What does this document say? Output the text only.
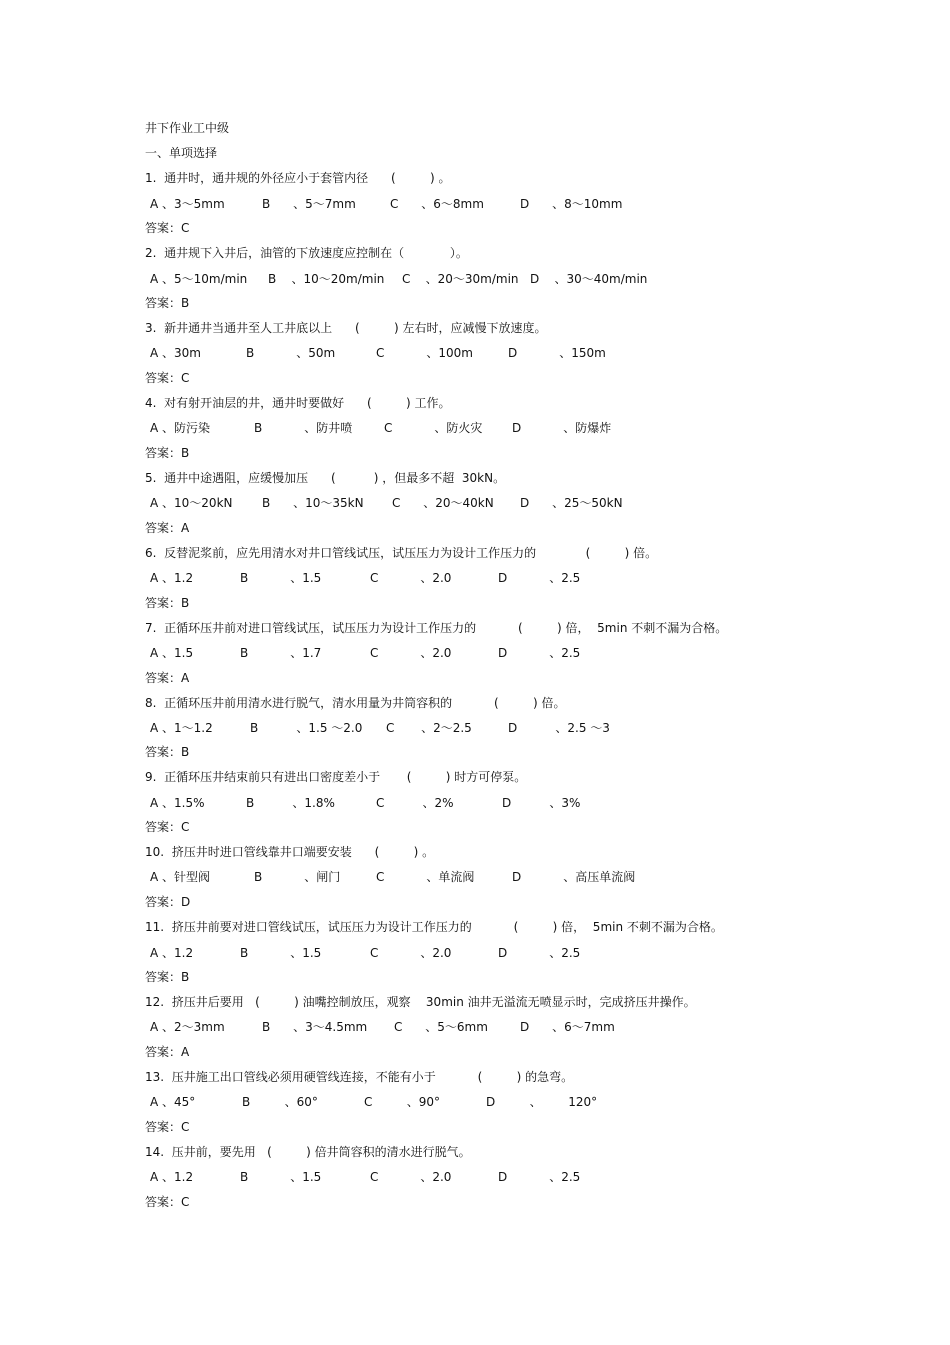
井下作业工中级
一、单项选择
1.  通井时，通井规的外径应小于套管内径      (         ) 。
A 、3～5mm	B      、5～7mm	C      、6～8mm	D      、8～10mm
答案：C
2.  通井规下入井后，油管的下放速度应控制在（            ）。
A 、5～10m/min B    、10～20m/min C    、20～30m/min D    、30～40m/min
答案：B
3.  新井通井当通井至人工井底以上      (         ) 左右时，应减慢下放速度。
A 、30m	B           、50m	C           、100m	D           、150m
答案：C
4.  对有射开油层的井，通井时要做好      (         ) 工作。
A 、防污染	B           、防井喷	C           、防火灾 D           、防爆炸
答案：B
5.  通井中途遇阻，应缓慢加压      (          ) ，但最多不超  30kN。
A 、10～20kN B      、10～35kN C      、20～40kN D      、25～50kN
答案：A
6.  反替泥浆前，应先用清水对井口管线试压，试压压力为设计工作压力的             (         ) 倍。
A 、1.2	B           、1.5	C           、2.0	D           、2.5
答案：B
7.  正循环压井前对进口管线试压，试压压力为设计工作压力的           (         ) 倍，  5min 不刺不漏为合格。
A 、1.5	B           、1.7	C           、2.0	D           、2.5
答案：A
8.  正循环压井前用清水进行脱气，清水用量为井筒容积的           (         ) 倍。
A 、1～1.2	B          、1.5 ～2.0 C       、2～2.5	D          、2.5 ～3
答案：B
9.  正循环压井结束前只有进出口密度差小于       (         ) 时方可停泵。
A 、1.5%	B          、1.8%	C          、2%	D          、3%
答案：C
10.  挤压井时进口管线靠井口端要安装      (         ) 。
A 、针型阀	B           、闸门	C           、单流阀	D           、高压单流阀
答案：D
11.  挤压井前要对进口管线试压，试压压力为设计工作压力的           (         ) 倍，  5min 不刺不漏为合格。
A 、1.2	B           、1.5	C           、2.0	D           、2.5
答案：B
12.  挤压井后要用   (         ) 油嘴控制放压，观察    30min 油井无溢流无喷显示时，完成挤压井操作。
A 、2～3mm	B      、3～4.5mm C      、5～6mm	D      、6～7mm
答案：A
13.  压井施工出口管线必须用硬管线连接，不能有小于           (         ) 的急弯。
A 、45°	B         、60°	C         、90°	D         、       120°
答案：C
14.  压井前，要先用   (         ) 倍井筒容积的清水进行脱气。
A 、1.2	B           、1.5	C           、2.0	D           、2.5
答案：C
